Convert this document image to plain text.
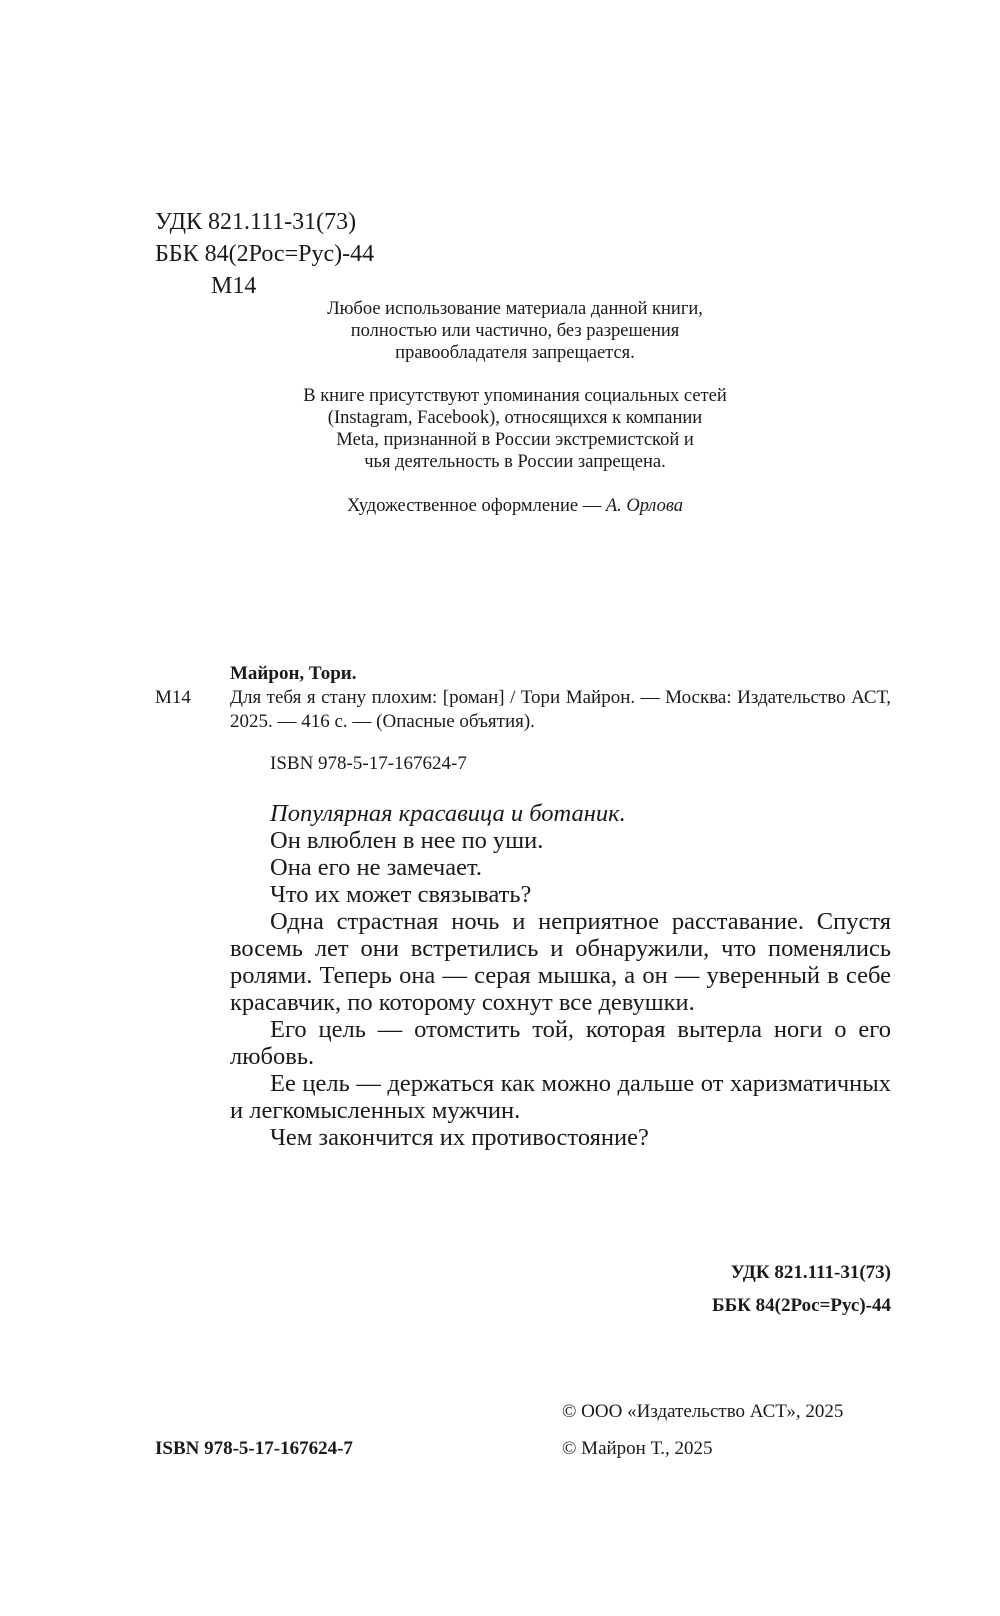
УДК 821.111-31(73)
ББК 84(2Рос=Рус)-44
М14
Любое использование материала данной книги,
полностью или частично, без разрешения
правообладателя запрещается.
В книге присутствуют упоминания социальных сетей
(Instagram, Facebook), относящихся к компании
Meta, признанной в России экстремистской и
чья деятельность в России запрещена.
Художественное оформление — А. Орлова
Майрон, Тори.
М14 Для тебя я стану плохим: [роман] / Тори Майрон. — Москва: Издательство АСТ, 2025. — 416 с. — (Опасные объятия).
ISBN 978-5-17-167624-7

Популярная красавица и ботаник.

Он влюблен в нее по уши.

Она его не замечает.

Что их может связывать?

Одна страстная ночь и неприятное расставание. Спустя восемь лет они встретились и обнаружили, что поменялись ролями. Теперь она — серая мышка, а он — уверенный в себе красавчик, по которому сохнут все девушки.

Его цель — отомстить той, которая вытерла ноги о его любовь.

Ее цель — держаться как можно дальше от харизматичных и легкомысленных мужчин.

Чем закончится их противостояние?

УДК 821.111-31(73)
ББК 84(2Рос=Рус)-44
© ООО «Издательство АСТ», 2025
ISBN 978-5-17-167624-7	© Майрон Т., 2025
